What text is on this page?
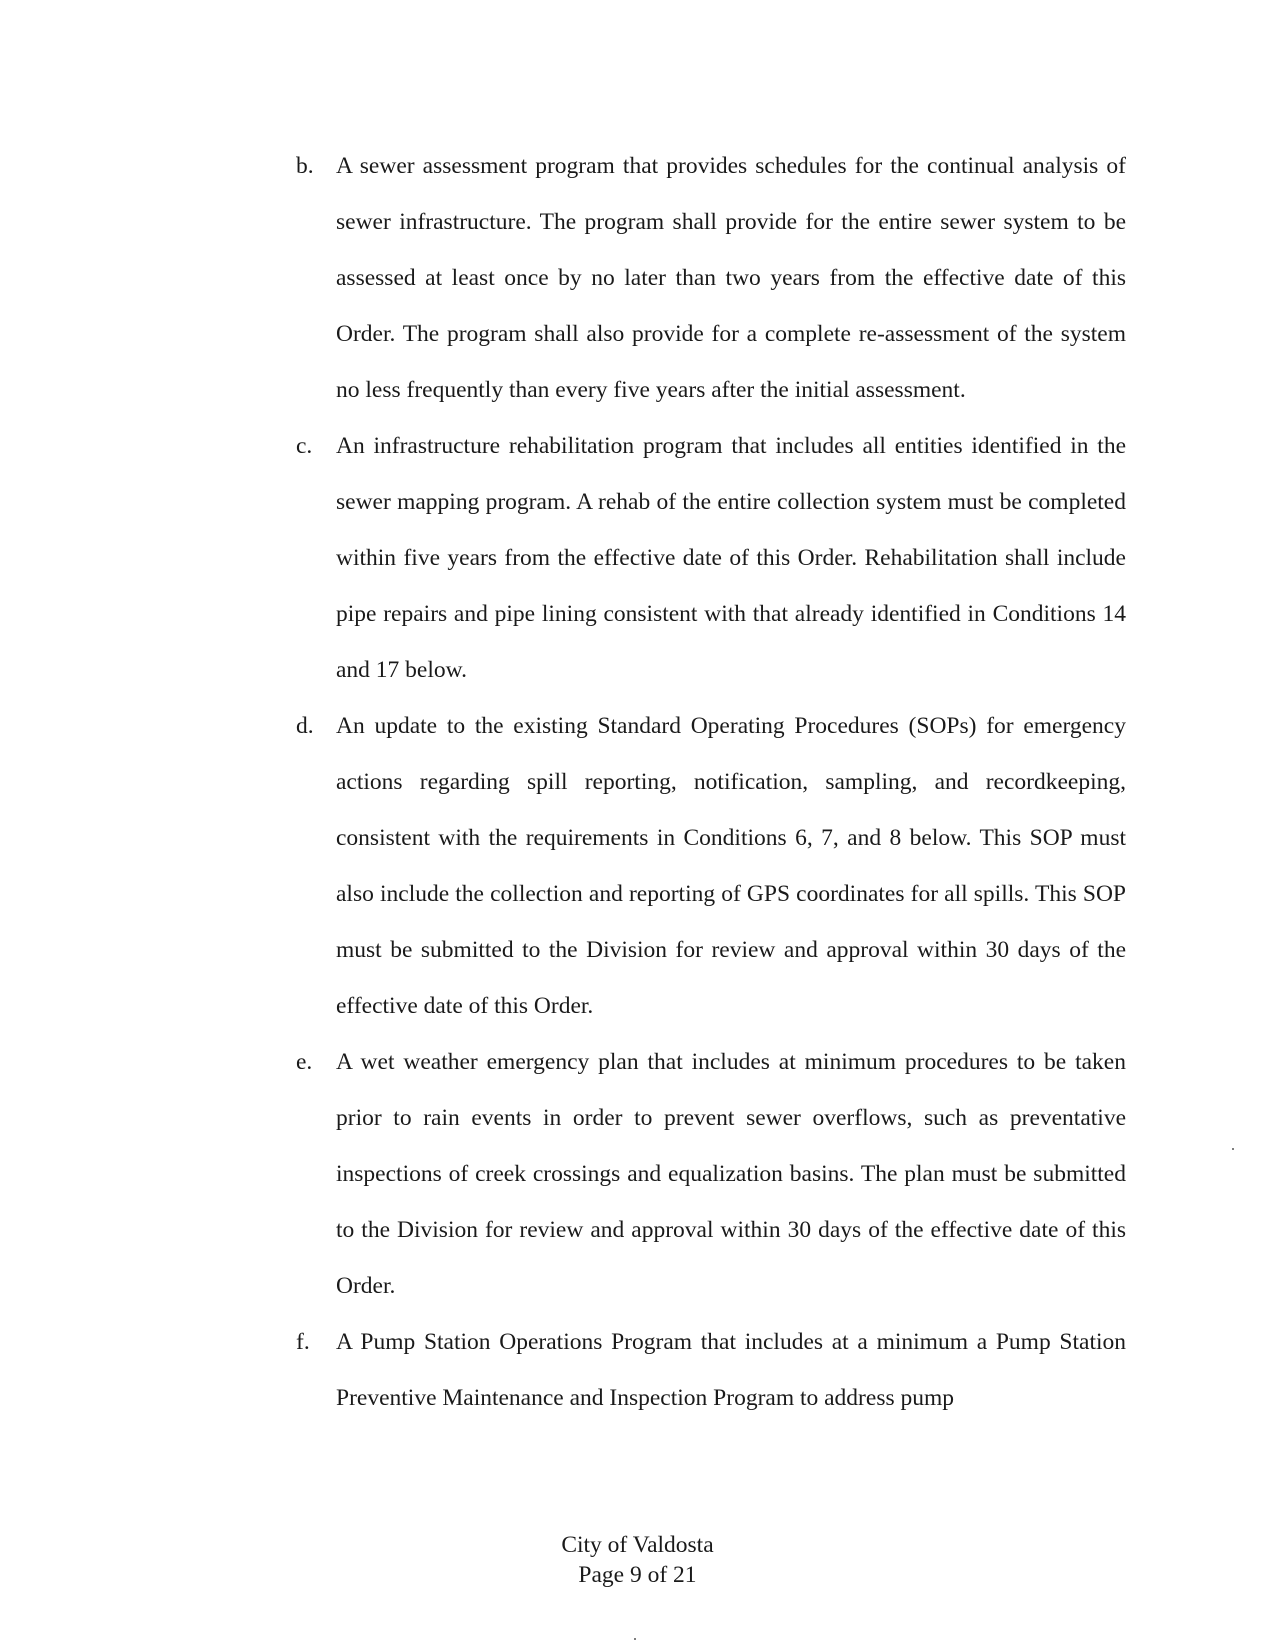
b. A sewer assessment program that provides schedules for the continual analysis of sewer infrastructure. The program shall provide for the entire sewer system to be assessed at least once by no later than two years from the effective date of this Order. The program shall also provide for a complete re-assessment of the system no less frequently than every five years after the initial assessment.
c.	An infrastructure rehabilitation program that includes all entities identified in the sewer mapping program. A rehab of the entire collection system must be completed within five years from the effective date of this Order. Rehabilitation shall include pipe repairs and pipe lining consistent with that already identified in Conditions 14 and 17 below.
d. An update to the existing Standard Operating Procedures (SOPs) for emergency actions regarding spill reporting, notification, sampling, and recordkeeping, consistent with the requirements in Conditions 6, 7, and 8 below. This SOP must also include the collection and reporting of GPS coordinates for all spills. This SOP must be submitted to the Division for review and approval within 30 days of the effective date of this Order.
e.	A wet weather emergency plan that includes at minimum procedures to be taken prior to rain events in order to prevent sewer overflows, such as preventative inspections of creek crossings and equalization basins. The plan must be submitted to the Division for review and approval within 30 days of the effective date of this Order.
f.	A Pump Station Operations Program that includes at a minimum a Pump Station Preventive Maintenance and Inspection Program to address pump
City of Valdosta
Page 9 of 21
